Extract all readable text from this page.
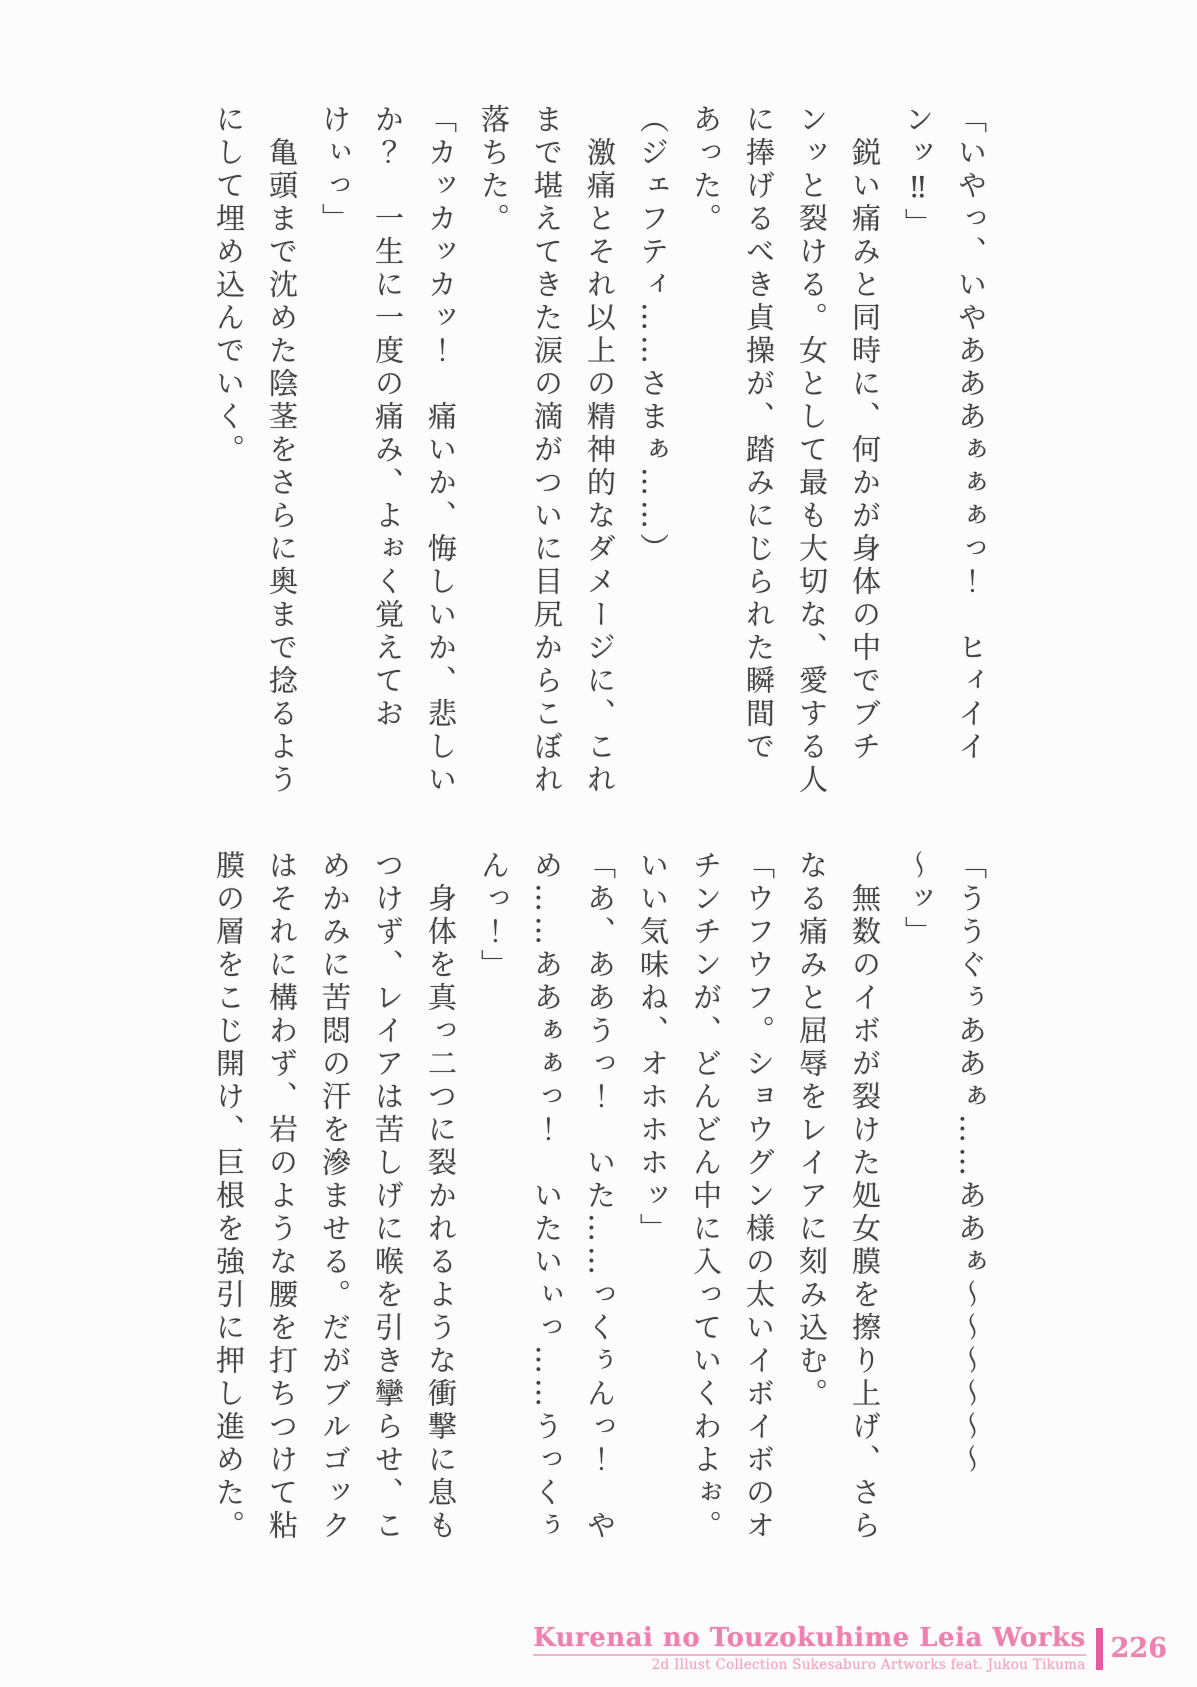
「いやっ、いやあああぁぁぁっ！　ヒィイインッ‼」

　鋭い痛みと同時に、何かが身体の中でブチンッと裂ける。女として最も大切な、愛する人に捧げるべき貞操が、踏みにじられた瞬間であった。

（ジェフティ……さまぁ……）

　激痛とそれ以上の精神的なダメージに、これまで堪えてきた涙の滴がついに目尻からこぼれ落ちた。

「カッカッカッ！　痛いか、悔しいか、悲しいか？　一生に一度の痛み、よぉく覚えておけぃっ」

　亀頭まで沈めた陰茎をさらに奥まで捻るようにして埋め込んでいく。

「ううぐぅああぁ……ああぁ～～～～～～～ッ」

　無数のイボが裂けた処女膜を擦り上げ、さらなる痛みと屈辱をレイアに刻み込む。

「ウフウフ。ショウグン様の太いイボイボのオチンチンが、どんどん中に入っていくわよぉ。いい気味ね、オホホホッ」

「あ、ああうっ！　いた……っくぅんっ！　やめ……ああぁぁっ！　いたいぃっ……うっくぅんっ！」

　身体を真っ二つに裂かれるような衝撃に息もつけず、レイアは苦しげに喉を引き攣らせ、こめかみに苦悶の汗を滲ませる。だがブルゴックはそれに構わず、岩のような腰を打ちつけて粘膜の層をこじ開け、巨根を強引に押し進めた。

Kurenai no Touzokuhime Leia Works
2d Illust Collection Sukesaburo Artworks feat. Jukou Tikuma
226
